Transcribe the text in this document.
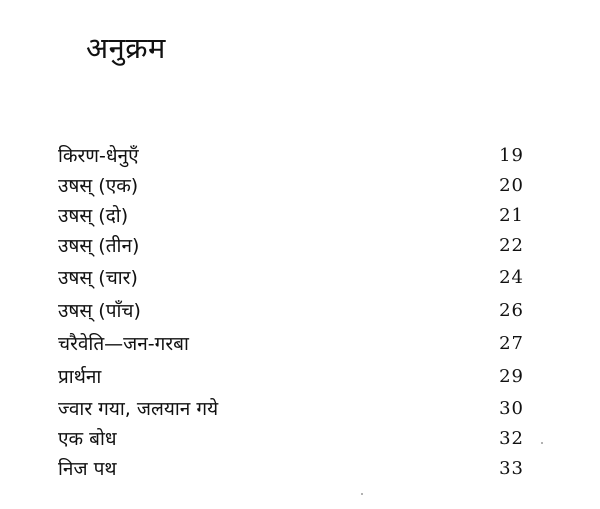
अनुक्रम
किरण-धेनुएँ	19
उषस् (एक)	20
उषस् (दो)	21
उषस् (तीन)	22
उषस् (चार)	24
उषस् (पाँच)	26
चरैवेति—जन-गरबा	27
प्रार्थना	29
ज्वार गया, जलयान गये	30
एक बोध	32
निज पथ	33
